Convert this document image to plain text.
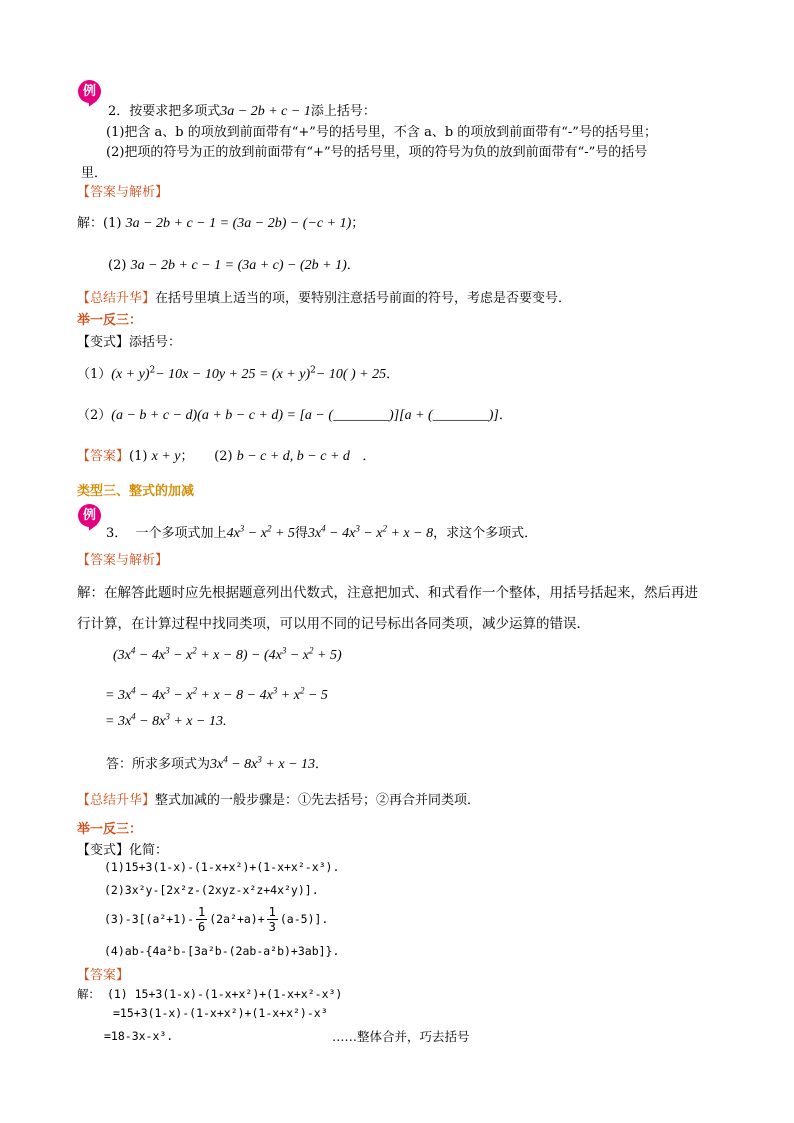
例
2．按要求把多项式3a − 2b + c − 1添上括号：
(1)把含 a、b 的项放到前面带有“+”号的括号里，不含 a、b 的项放到前面带有“-”号的括号里；
(2)把项的符号为正的放到前面带有“+”号的括号里，项的符号为负的放到前面带有“-”号的括号
里．
【答案与解析】
解：(1) 3a − 2b + c − 1 = (3a − 2b) − (−c + 1)；
(2) 3a − 2b + c − 1 = (3a + c) − (2b + 1)．
【总结升华】在括号里填上适当的项，要特别注意括号前面的符号，考虑是否要变号．
举一反三：
【变式】添括号：
$(1)(x + y)^2- 10x - 10y + 25 = (x + y)^2- 10$( ) + 25．
（2）(a − b + c − d)(a + b − c + d) = [a − (________)][a + (________)]．
【答案】(1) x + y； (2) b − c + d, b − c + d ．
类型三、整式的加减
例
3． 一个多项式加上$4x^3 - x^2 + 5$得$3x^4 - 4x^3 - x^2 + x - 8$，求这个多项式．
【答案与解析】
解：在解答此题时应先根据题意列出代数式，注意把加式、和式看作一个整体，用括号括起来，然后再进
行计算，在计算过程中找同类项，可以用不同的记号标出各同类项，减少运算的错误．
$(3x^4 - 4x^3 - x^2 + x - 8) - (4x^3 - x^2 + 5)$
= $3x^4 - 4x^3 - x^2 + x - 8 - 4x^3 + x^2 - 5$
= $3x^4 - 8x^3 + x - 13$.
答：所求多项式为$3x^4 - 8x^3 + x - 13$．
【总结升华】整式加减的一般步骤是：①先去括号；②再合并同类项．
举一反三：
【变式】化简：
(1)15+3(1-x)-(1-x+x²)+(1-x+x²-x³).
(2)3x²y-[2x²z-(2xyz-x²z+4x²y)].
$(3)-3[(a^2+1)- \frac{1}{6} (2a^2+a)+ \frac{1}{3} (a-5)]$.
(4)ab-{4a²b-[3a²b-(2ab-a²b)+3ab]}.
【答案】
解： (1) 15+3(1-x)-(1-x+x²)+(1-x+x²-x³)
=15+3(1-x)-(1-x+x²)+(1-x+x²)-x³
=18-3x-x³.	……整体合并，巧去括号
